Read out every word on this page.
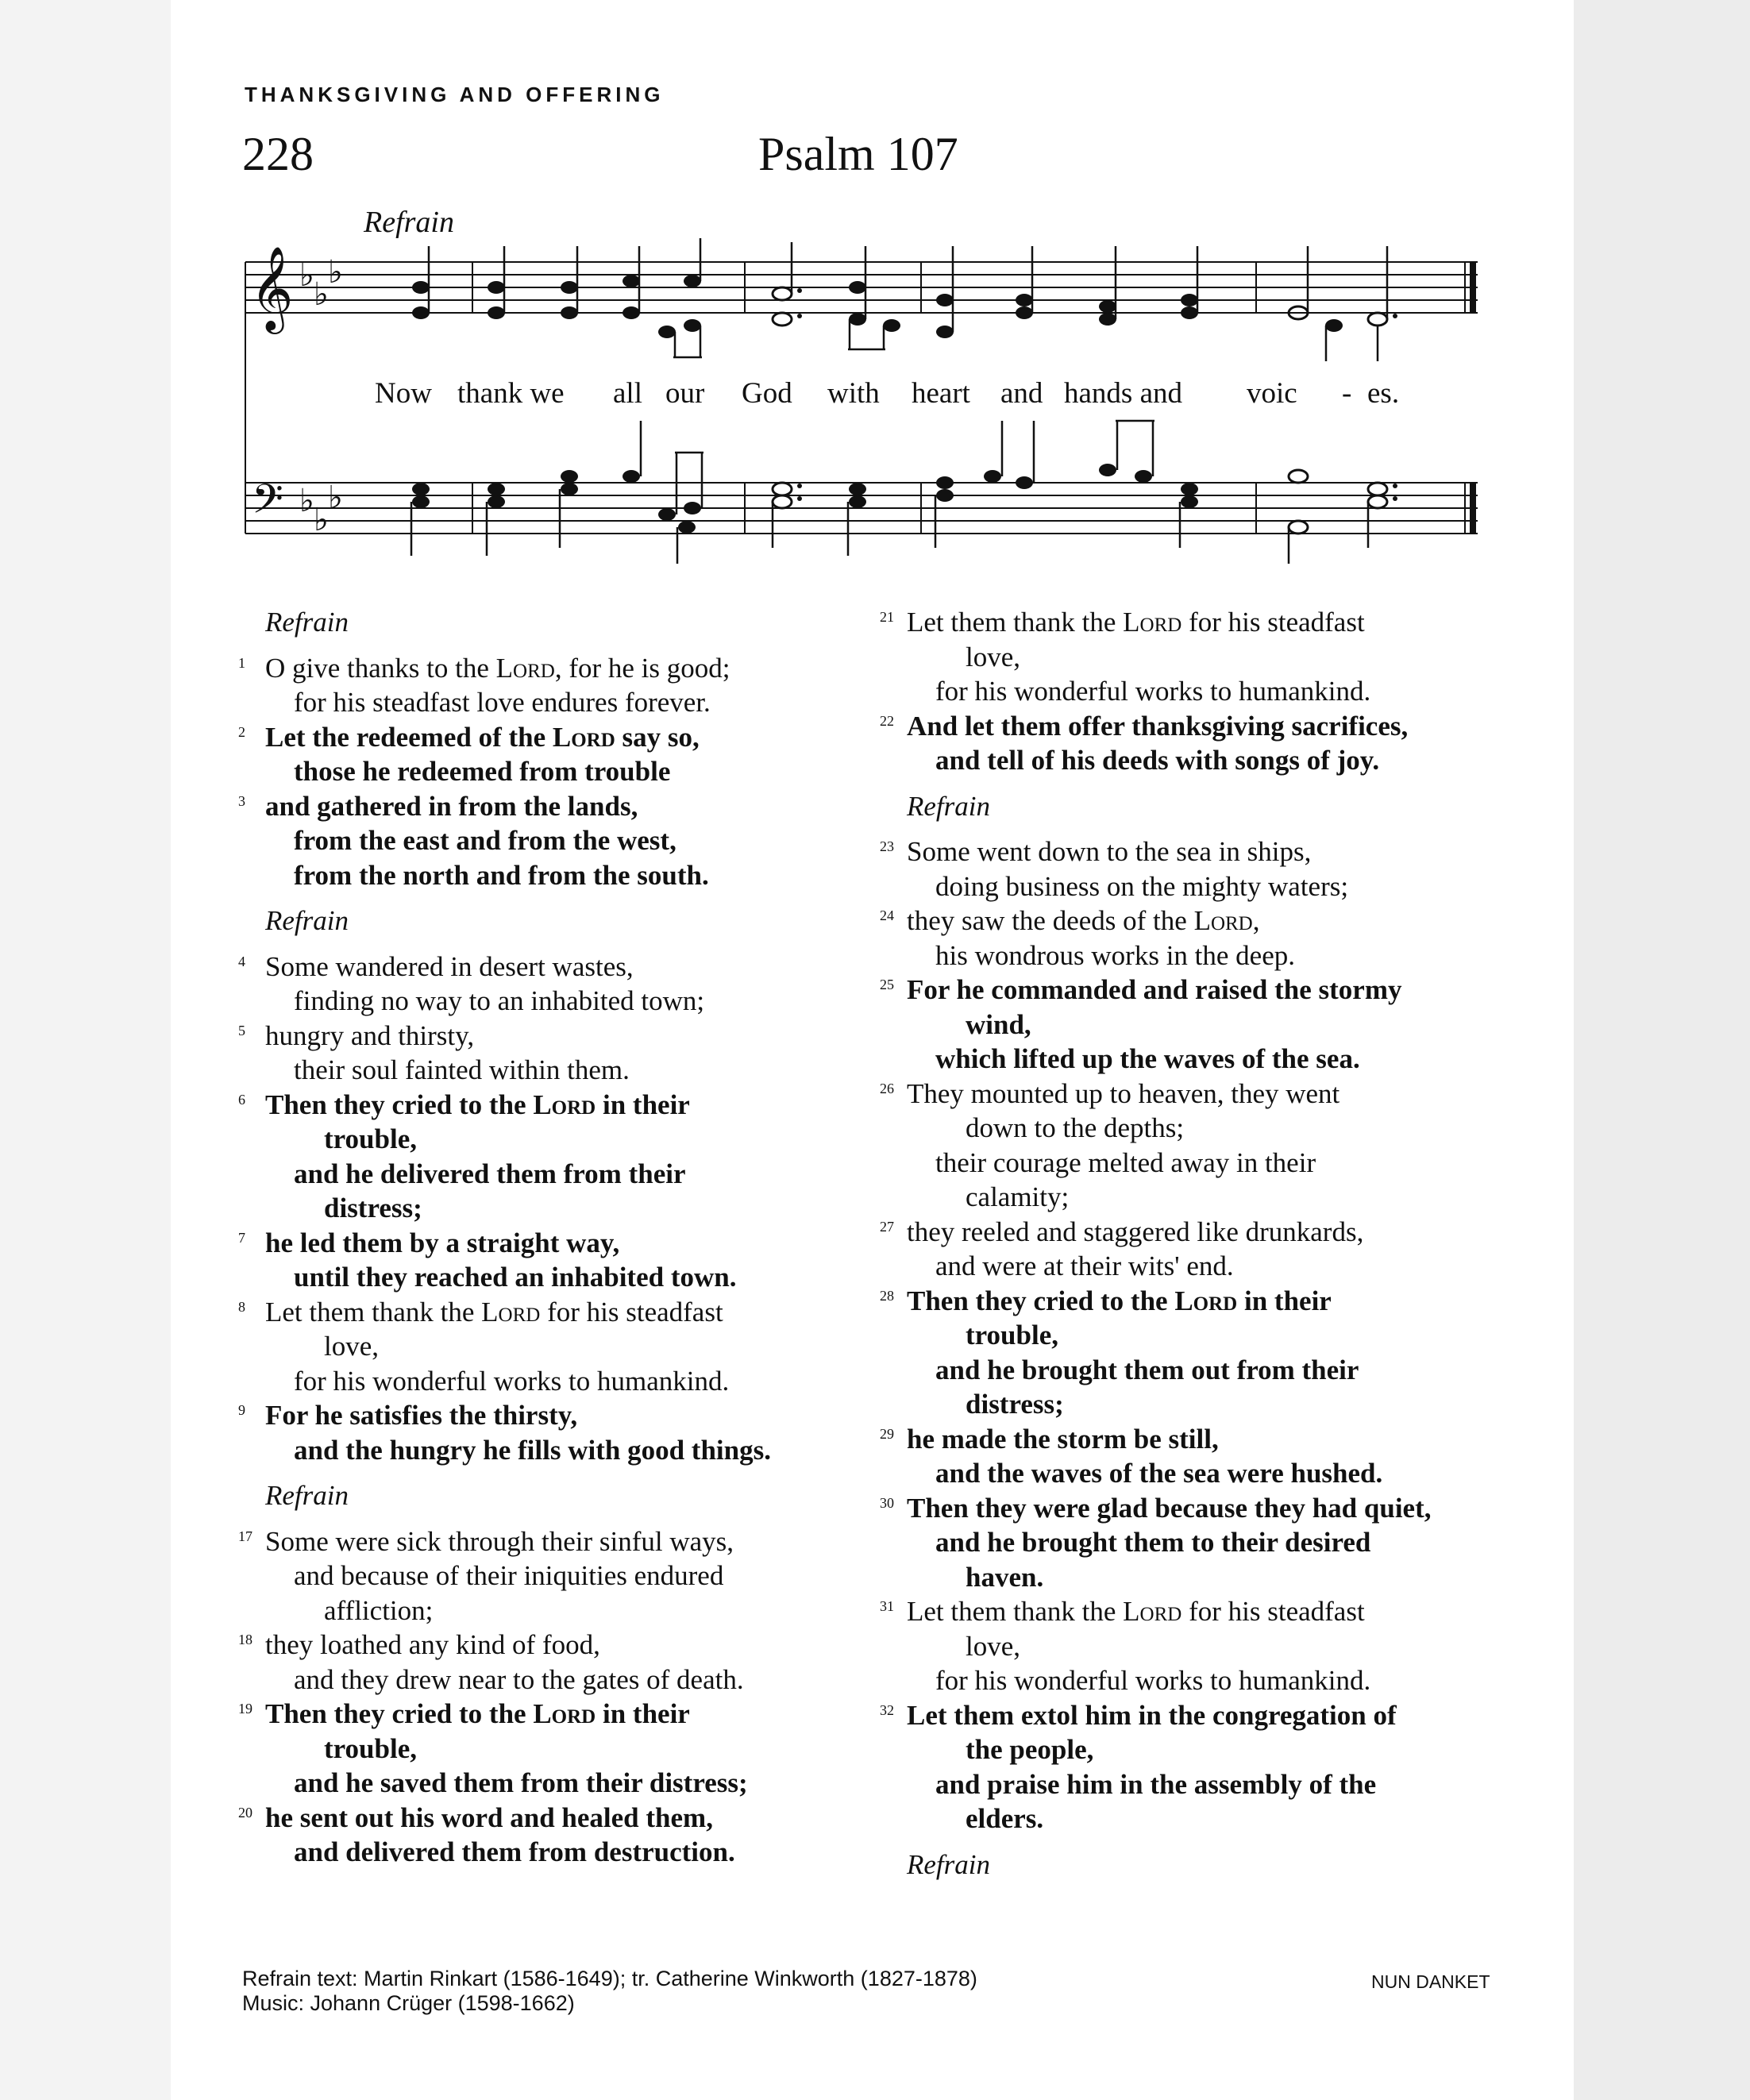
THANKSGIVING AND OFFERING
228	Psalm 107
Refrain
𝄞
𝄢
♭
♭
♭
♭
♭
♭
Now thank we all our God with heart and hands and voic - es.
Refrain
1 O give thanks to the Lord, for he is good;
for his steadfast love endures forever.
2 Let the redeemed of the Lord say so,
those he redeemed from trouble
3 and gathered in from the lands,
from the east and from the west,
from the north and from the south.
Refrain
4 Some wandered in desert wastes,
finding no way to an inhabited town;
5 hungry and thirsty,
their soul fainted within them.
6 Then they cried to the Lord in their
trouble,
and he delivered them from their
distress;
7 he led them by a straight way,
until they reached an inhabited town.
8 Let them thank the Lord for his steadfast
love,
for his wonderful works to humankind.
9 For he satisfies the thirsty,
and the hungry he fills with good things.
Refrain
17 Some were sick through their sinful ways,
and because of their iniquities endured
affliction;
18 they loathed any kind of food,
and they drew near to the gates of death.
19 Then they cried to the Lord in their
trouble,
and he saved them from their distress;
20 he sent out his word and healed them,
and delivered them from destruction.
21 Let them thank the Lord for his steadfast
love,
for his wonderful works to humankind.
22 And let them offer thanksgiving sacrifices,
and tell of his deeds with songs of joy.
Refrain
23 Some went down to the sea in ships,
doing business on the mighty waters;
24 they saw the deeds of the Lord,
his wondrous works in the deep.
25 For he commanded and raised the stormy
wind,
which lifted up the waves of the sea.
26 They mounted up to heaven, they went
down to the depths;
their courage melted away in their
calamity;
27 they reeled and staggered like drunkards,
and were at their wits' end.
28 Then they cried to the Lord in their
trouble,
and he brought them out from their
distress;
29 he made the storm be still,
and the waves of the sea were hushed.
30 Then they were glad because they had quiet,
and he brought them to their desired
haven.
31 Let them thank the Lord for his steadfast
love,
for his wonderful works to humankind.
32 Let them extol him in the congregation of
the people,
and praise him in the assembly of the
elders.
Refrain
Refrain text: Martin Rinkart (1586-1649); tr. Catherine Winkworth (1827-1878)
Music: Johann Crüger (1598-1662)
NUN DANKET
